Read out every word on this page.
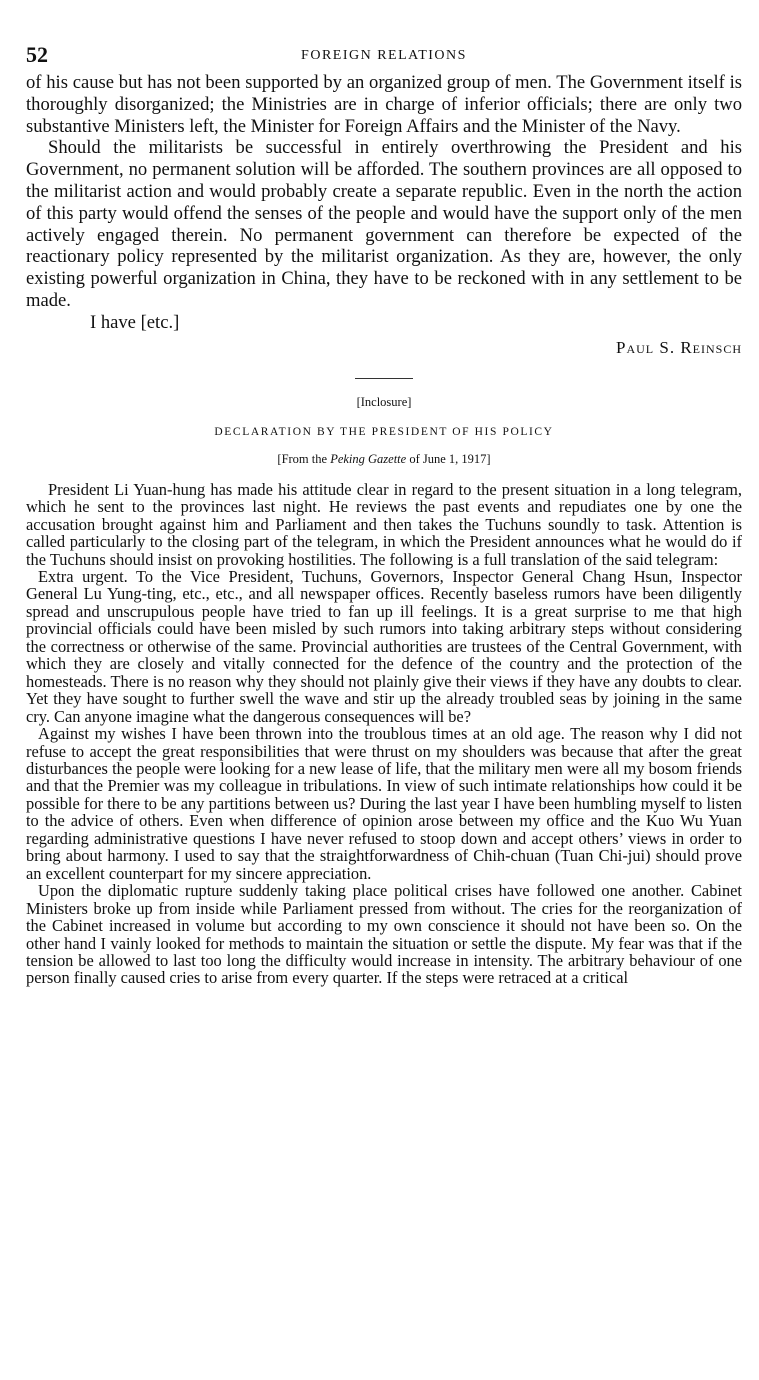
52	FOREIGN RELATIONS

of his cause but has not been supported by an organized group of men. The Government itself is thoroughly disorganized; the Ministries are in charge of inferior officials; there are only two substantive Ministers left, the Minister for Foreign Affairs and the Minister of the Navy.

Should the militarists be successful in entirely overthrowing the President and his Government, no permanent solution will be afforded. The southern provinces are all opposed to the militarist action and would probably create a separate republic. Even in the north the action of this party would offend the senses of the people and would have the support only of the men actively engaged therein. No permanent government can therefore be expected of the reactionary policy represented by the militarist organization. As they are, however, the only existing powerful organization in China, they have to be reckoned with in any settlement to be made.

I have [etc.]

Paul S. Reinsch

[Inclosure]

DECLARATION BY THE PRESIDENT OF HIS POLICY

[From the Peking Gazette of June 1, 1917]

President Li Yuan-hung has made his attitude clear in regard to the present situation in a long telegram, which he sent to the provinces last night. He reviews the past events and repudiates one by one the accusation brought against him and Parliament and then takes the Tuchuns soundly to task. Attention is called particularly to the closing part of the telegram, in which the President announces what he would do if the Tuchuns should insist on provoking hostilities. The following is a full translation of the said telegram:

Extra urgent. To the Vice President, Tuchuns, Governors, Inspector General Chang Hsun, Inspector General Lu Yung-ting, etc., etc., and all newspaper offices. Recently baseless rumors have been diligently spread and unscrupulous people have tried to fan up ill feelings. It is a great surprise to me that high provincial officials could have been misled by such rumors into taking arbitrary steps without considering the correctness or otherwise of the same. Provincial authorities are trustees of the Central Government, with which they are closely and vitally connected for the defence of the country and the protection of the homesteads. There is no reason why they should not plainly give their views if they have any doubts to clear. Yet they have sought to further swell the wave and stir up the already troubled seas by joining in the same cry. Can anyone imagine what the dangerous consequences will be?

Against my wishes I have been thrown into the troublous times at an old age. The reason why I did not refuse to accept the great responsibilities that were thrust on my shoulders was because that after the great disturbances the people were looking for a new lease of life, that the military men were all my bosom friends and that the Premier was my colleague in tribulations. In view of such intimate relationships how could it be possible for there to be any partitions between us? During the last year I have been humbling myself to listen to the advice of others. Even when difference of opinion arose between my office and the Kuo Wu Yuan regarding administrative questions I have never refused to stoop down and accept others’ views in order to bring about harmony. I used to say that the straightforwardness of Chih-chuan (Tuan Chi-jui) should prove an excellent counterpart for my sincere appreciation.

Upon the diplomatic rupture suddenly taking place political crises have followed one another. Cabinet Ministers broke up from inside while Parliament pressed from without. The cries for the reorganization of the Cabinet increased in volume but according to my own conscience it should not have been so. On the other hand I vainly looked for methods to maintain the situation or settle the dispute. My fear was that if the tension be allowed to last too long the difficulty would increase in intensity. The arbitrary behaviour of one person finally caused cries to arise from every quarter. If the steps were retraced at a critical
